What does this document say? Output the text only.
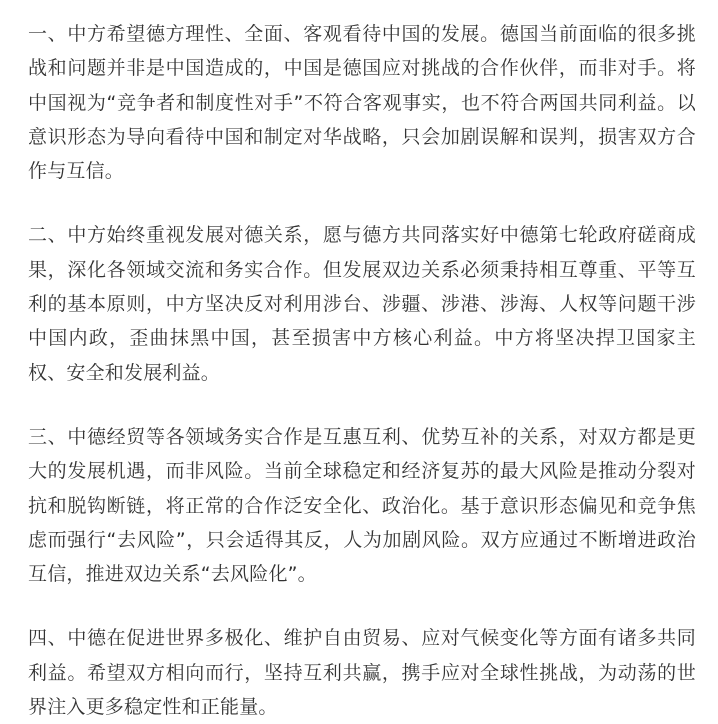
一、中方希望德方理性、全面、客观看待中国的发展。德国当前面临的很多挑战和问题并非是中国造成的，中国是德国应对挑战的合作伙伴，而非对手。将中国视为“竞争者和制度性对手”不符合客观事实，也不符合两国共同利益。以意识形态为导向看待中国和制定对华战略，只会加剧误解和误判，损害双方合作与互信。

二、中方始终重视发展对德关系，愿与德方共同落实好中德第七轮政府磋商成果，深化各领域交流和务实合作。但发展双边关系必须秉持相互尊重、平等互利的基本原则，中方坚决反对利用涉台、涉疆、涉港、涉海、人权等问题干涉中国内政，歪曲抹黑中国，甚至损害中方核心利益。中方将坚决捍卫国家主权、安全和发展利益。

三、中德经贸等各领域务实合作是互惠互利、优势互补的关系，对双方都是更大的发展机遇，而非风险。当前全球稳定和经济复苏的最大风险是推动分裂对抗和脱钩断链，将正常的合作泛安全化、政治化。基于意识形态偏见和竞争焦虑而强行“去风险”，只会适得其反，人为加剧风险。双方应通过不断增进政治互信，推进双边关系“去风险化”。

四、中德在促进世界多极化、维护自由贸易、应对气候变化等方面有诸多共同利益。希望双方相向而行，坚持互利共赢，携手应对全球性挑战，为动荡的世界注入更多稳定性和正能量。
